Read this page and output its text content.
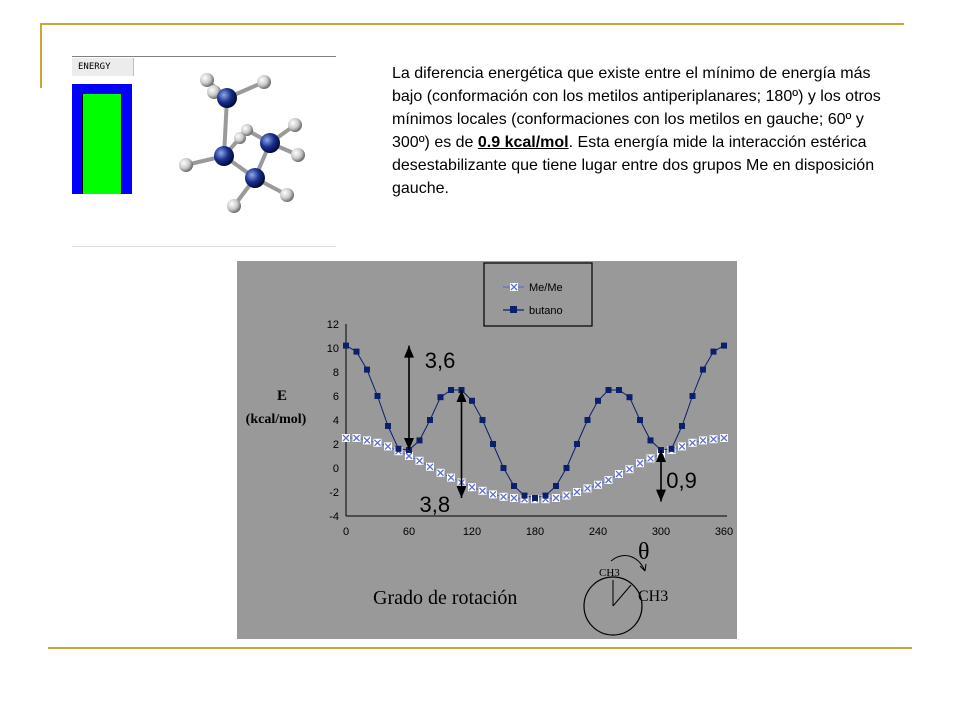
ENERGY	La diferencia energética que existe entre el mínimo de energía más bajo (conformación con los metilos antiperiplanares; 180º) y los otros mínimos locales (conformaciones con los metilos en gauche; 60º y 300º) es de 0.9 kcal/mol. Esta energía mide la interacción estérica desestabilizante que tiene lugar entre dos grupos Me en disposición gauche.

Me/Me
butano
12
10
8
6
4
2
0
-2
-4
0	60	120	180	240	300	360
E
(kcal/mol)
3,6
3,8
0,9
Grado de rotación
CH3
CH3
θ
